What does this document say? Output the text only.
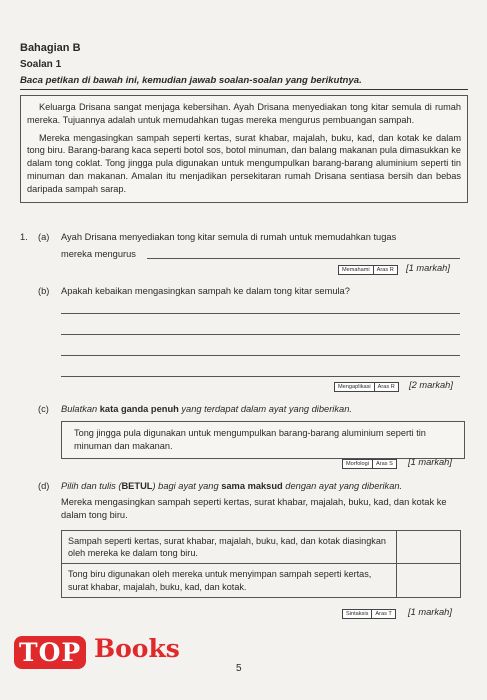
Bahagian B
Soalan 1
Baca petikan di bawah ini, kemudian jawab soalan-soalan yang berikutnya.

Keluarga Drisana sangat menjaga kebersihan. Ayah Drisana menyediakan tong kitar semula di rumah mereka. Tujuannya adalah untuk memudahkan tugas mereka mengurus pembuangan sampah.

Mereka mengasingkan sampah seperti kertas, surat khabar, majalah, buku, kad, dan kotak ke dalam tong biru. Barang-barang kaca seperti botol sos, botol minuman, dan balang makanan pula dimasukkan ke dalam tong coklat. Tong jingga pula digunakan untuk mengumpulkan barang-barang aluminium seperti tin minuman dan makanan. Amalan itu menjadikan persekitaran rumah Drisana sentiasa bersih dan bebas daripada sampah sarap.

1. (a) Ayah Drisana menyediakan tong kitar semula di rumah untuk memudahkan tugas
mereka mengurus
Memahami	Aras R	[1 markah]
(b) Apakah kebaikan mengasingkan sampah ke dalam tong kitar semula?
Mengaplikasi	Aras R	[2 markah]
(c) Bulatkan kata ganda penuh yang terdapat dalam ayat yang diberikan.
Tong jingga pula digunakan untuk mengumpulkan barang-barang aluminium seperti tin minuman dan makanan.
Morfologi	Aras S	[1 markah]
(d) Pilih dan tulis (BETUL) bagi ayat yang sama maksud dengan ayat yang diberikan.
Mereka mengasingkan sampah seperti kertas, surat khabar, majalah, buku, kad, dan kotak ke dalam tong biru.
Sampah seperti kertas, surat khabar, majalah, buku, kad, dan kotak diasingkan oleh mereka ke dalam tong biru.	
Tong biru digunakan oleh mereka untuk menyimpan sampah seperti kertas, surat khabar, majalah, buku, kad, dan kotak.	
Sintaksis	Aras T	[1 markah]
5
TOP Books
